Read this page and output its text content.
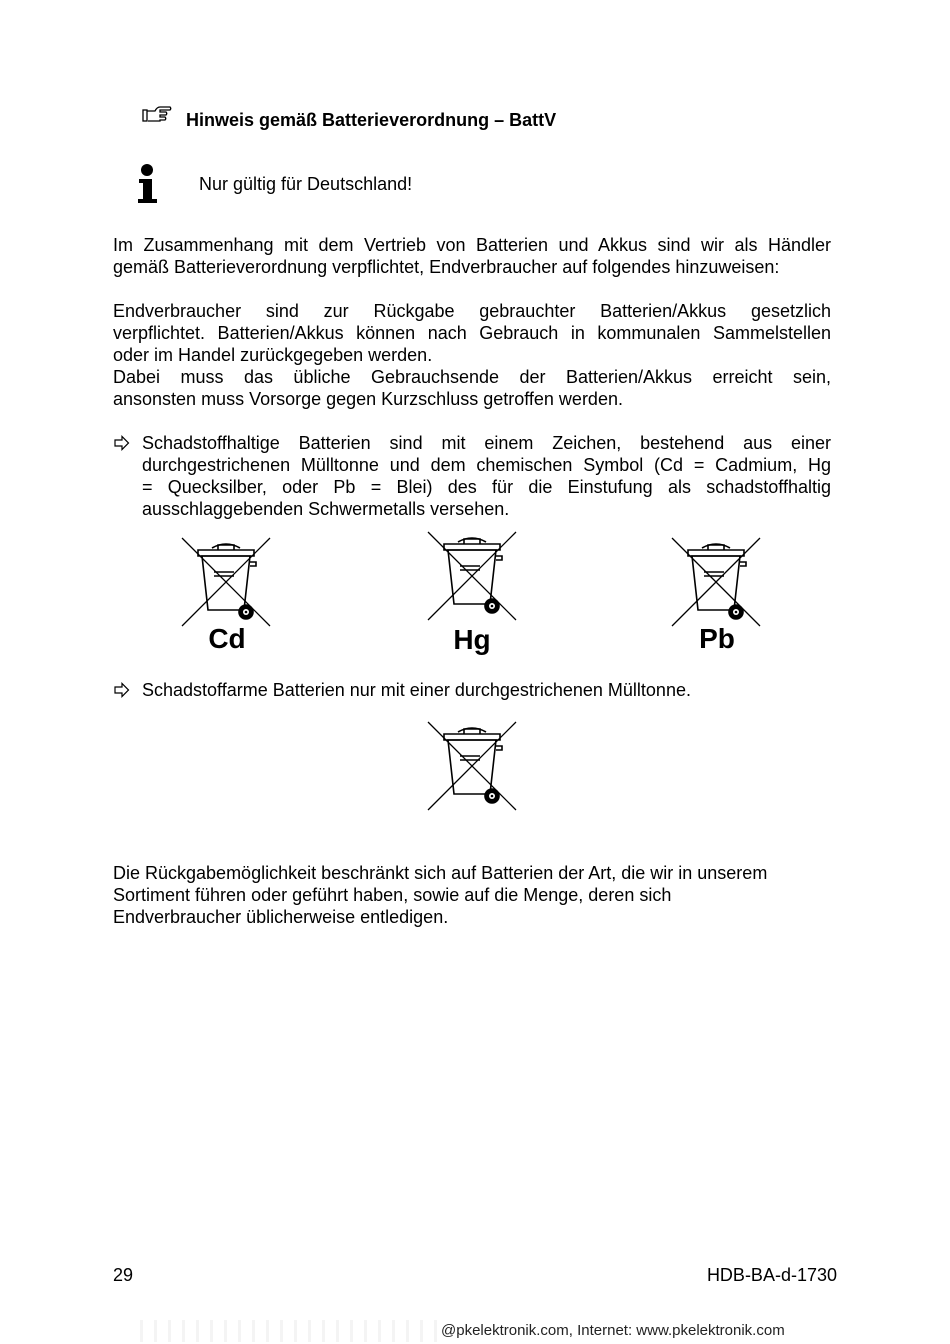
Hinweis gemäß Batterieverordnung – BattV
Nur gültig für Deutschland!
Im Zusammenhang mit dem Vertrieb von Batterien und Akkus sind wir als Händler
gemäß Batterieverordnung verpflichtet, Endverbraucher auf folgendes hinzuweisen:
Endverbraucher sind zur Rückgabe gebrauchter Batterien/Akkus gesetzlich
verpflichtet. Batterien/Akkus können nach Gebrauch in kommunalen Sammelstellen
oder im Handel zurückgegeben werden.
Dabei muss das übliche Gebrauchsende der Batterien/Akkus erreicht sein,
ansonsten muss Vorsorge gegen Kurzschluss getroffen werden.
Schadstoffhaltige Batterien sind mit einem Zeichen, bestehend aus einer
durchgestrichenen Mülltonne und dem chemischen Symbol (Cd = Cadmium, Hg
= Quecksilber, oder Pb = Blei) des für die Einstufung als schadstoffhaltig
ausschlaggebenden Schwermetalls versehen.
Cd	Hg	Pb
Schadstoffarme Batterien nur mit einer durchgestrichenen Mülltonne.
Die Rückgabemöglichkeit beschränkt sich auf Batterien der Art, die wir in unserem
Sortiment führen oder geführt haben, sowie auf die Menge, deren sich
Endverbraucher üblicherweise entledigen.
29	HDB-BA-d-1730
@pkelektronik.com, Internet: www.pkelektronik.com
